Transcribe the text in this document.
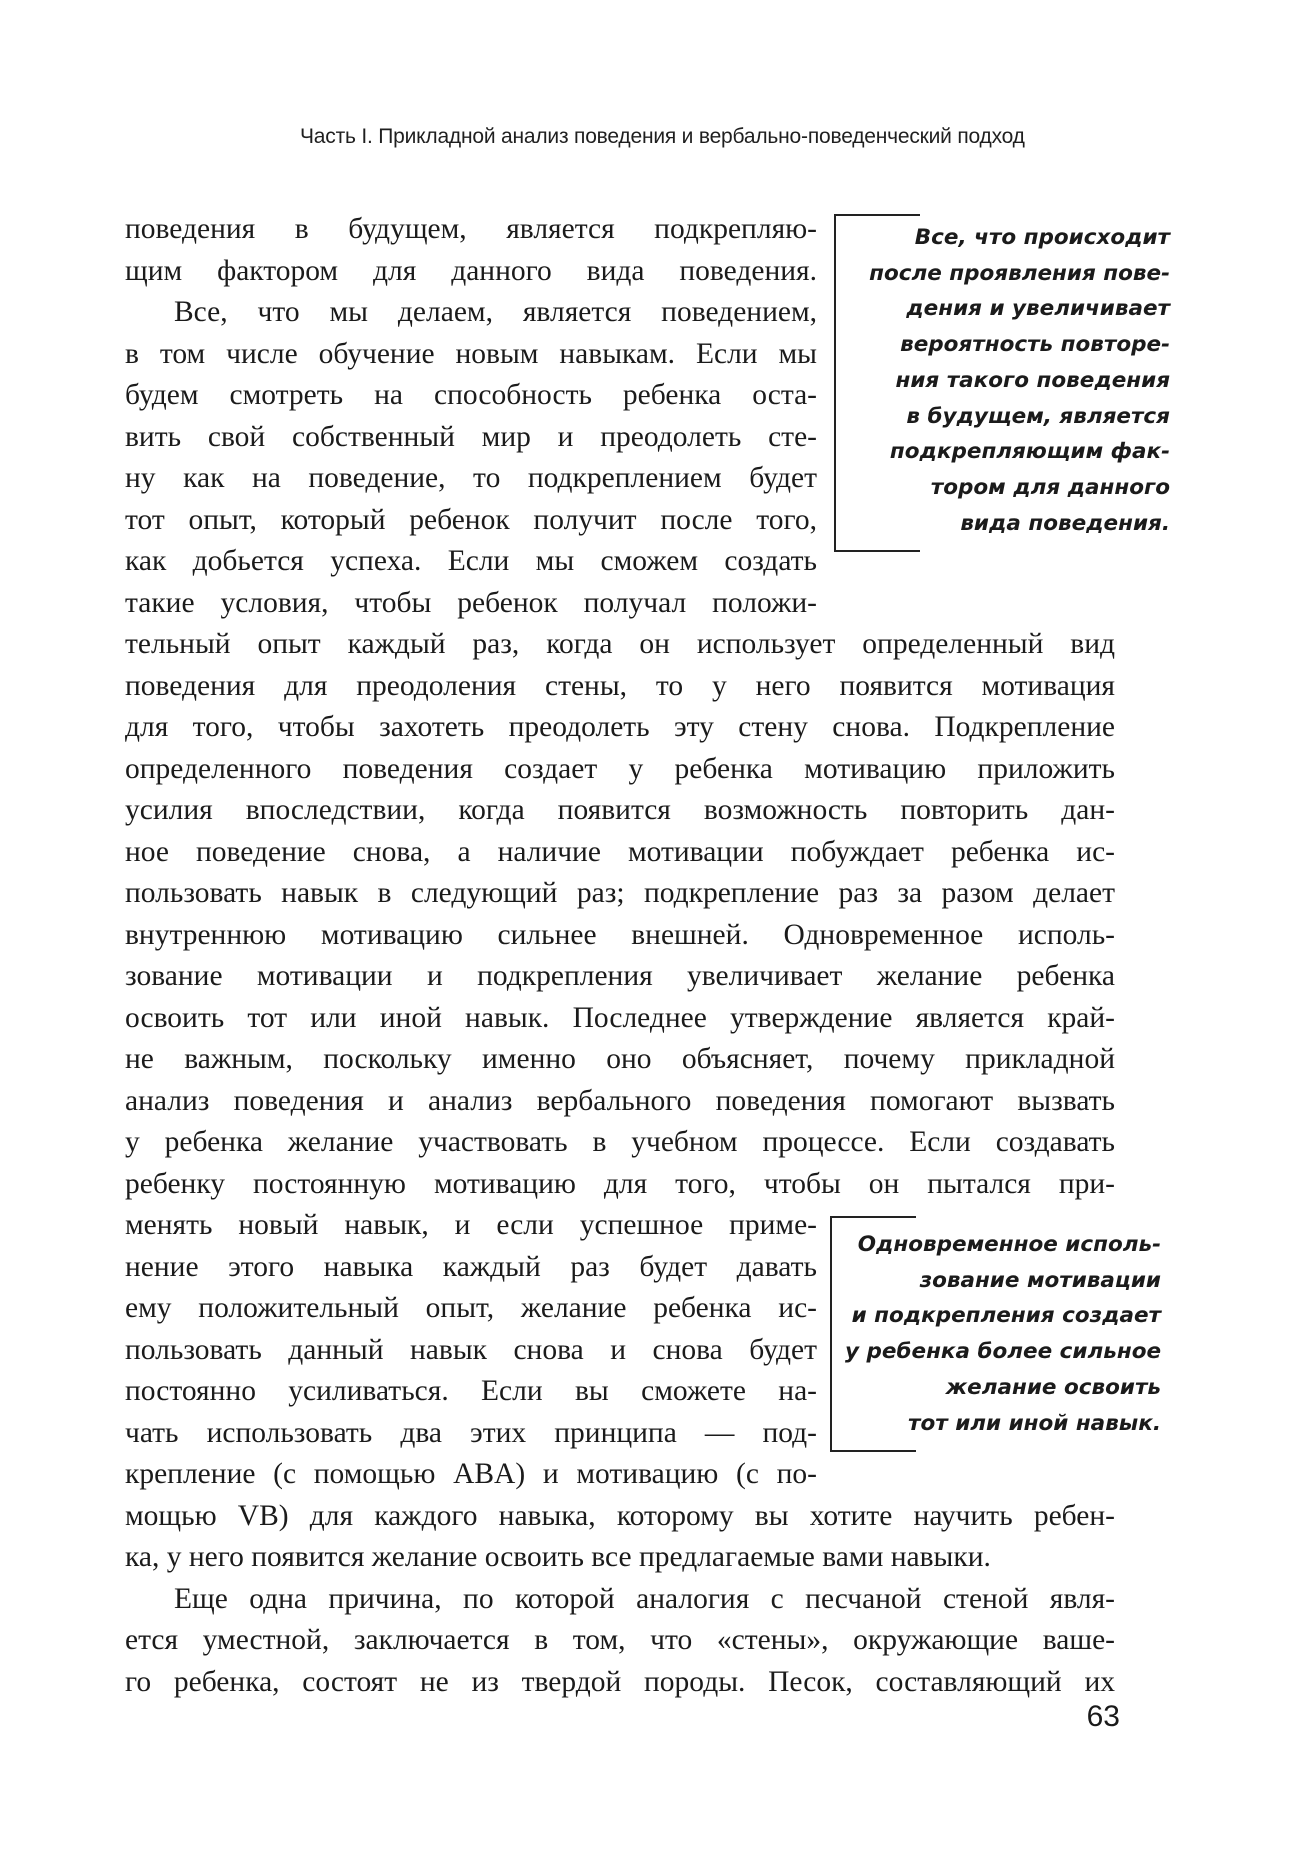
Часть I. Прикладной анализ поведения и вербально-поведенческий подход
поведения в будущем, является подкрепляю-
щим фактором для данного вида поведения.
Все, что мы делаем, является поведением,
в том числе обучение новым навыкам. Если мы
будем смотреть на способность ребенка оста-
вить свой собственный мир и преодолеть сте-
ну как на поведение, то подкреплением будет
тот опыт, который ребенок получит после того,
как добьется успеха. Если мы сможем создать
такие условия, чтобы ребенок получал положи-
тельный опыт каждый раз, когда он использует определенный вид
поведения для преодоления стены, то у него появится мотивация
для того, чтобы захотеть преодолеть эту стену снова. Подкрепление
определенного поведения создает у ребенка мотивацию приложить
усилия впоследствии, когда появится возможность повторить дан-
ное поведение снова, а наличие мотивации побуждает ребенка ис-
пользовать навык в следующий раз; подкрепление раз за разом делает
внутреннюю мотивацию сильнее внешней. Одновременное исполь-
зование мотивации и подкрепления увеличивает желание ребенка
освоить тот или иной навык. Последнее утверждение является край-
не важным, поскольку именно оно объясняет, почему прикладной
анализ поведения и анализ вербального поведения помогают вызвать
у ребенка желание участвовать в учебном процессе. Если создавать
ребенку постоянную мотивацию для того, чтобы он пытался при-
менять новый навык, и если успешное приме-
нение этого навыка каждый раз будет давать
ему положительный опыт, желание ребенка ис-
пользовать данный навык снова и снова будет
постоянно усиливаться. Если вы сможете на-
чать использовать два этих принципа — под-
крепление (с помощью ABA) и мотивацию (с по-
мощью VB) для каждого навыка, которому вы хотите научить ребен-
ка, у него появится желание освоить все предлагаемые вами навыки.
Еще одна причина, по которой аналогия с песчаной стеной явля-
ется уместной, заключается в том, что «стены», окружающие ваше-
го ребенка, состоят не из твердой породы. Песок, составляющий их
Все, что происходит
после проявления пове-
дения и увеличивает
вероятность повторе-
ния такого поведения
в будущем, является
подкрепляющим фак-
тором для данного
вида поведения.
Одновременное исполь-
зование мотивации
и подкрепления создает
у ребенка более сильное
желание освоить
тот или иной навык.
63
